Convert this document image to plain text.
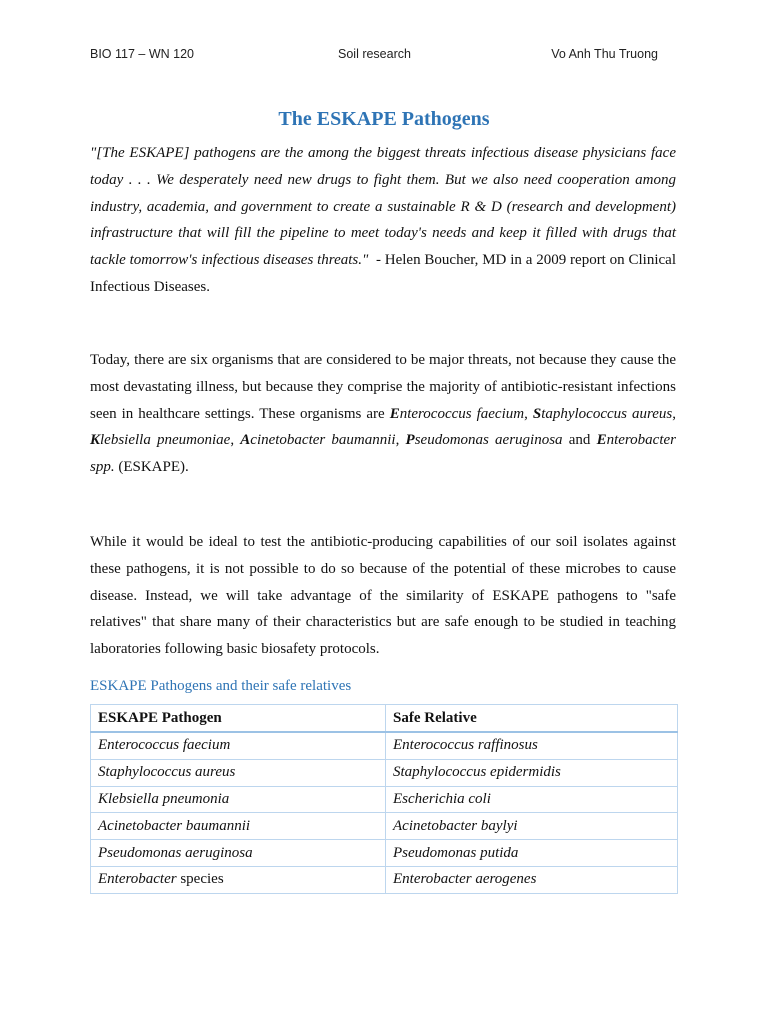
BIO 117 – WN 120	Soil research	Vo Anh Thu Truong
The ESKAPE Pathogens

"[The ESKAPE] pathogens are the among the biggest threats infectious disease physicians face today . . . We desperately need new drugs to fight them. But we also need cooperation among industry, academia, and government to create a sustainable R & D (research and development) infrastructure that will fill the pipeline to meet today's needs and keep it filled with drugs that tackle tomorrow's infectious diseases threats." - Helen Boucher, MD in a 2009 report on Clinical Infectious Diseases.

Today, there are six organisms that are considered to be major threats, not because they cause the most devastating illness, but because they comprise the majority of antibiotic-resistant infections seen in healthcare settings. These organisms are Enterococcus faecium, Staphylococcus aureus, Klebsiella pneumoniae, Acinetobacter baumannii, Pseudomonas aeruginosa and Enterobacter spp. (ESKAPE).

While it would be ideal to test the antibiotic-producing capabilities of our soil isolates against these pathogens, it is not possible to do so because of the potential of these microbes to cause disease. Instead, we will take advantage of the similarity of ESKAPE pathogens to "safe relatives" that share many of their characteristics but are safe enough to be studied in teaching laboratories following basic biosafety protocols.

ESKAPE Pathogens and their safe relatives

ESKAPE Pathogen	Safe Relative
Enterococcus faecium	Enterococcus raffinosus
Staphylococcus aureus	Staphylococcus epidermidis
Klebsiella pneumonia	Escherichia coli
Acinetobacter baumannii	Acinetobacter baylyi
Pseudomonas aeruginosa	Pseudomonas putida
Enterobacter species	Enterobacter aerogenes
